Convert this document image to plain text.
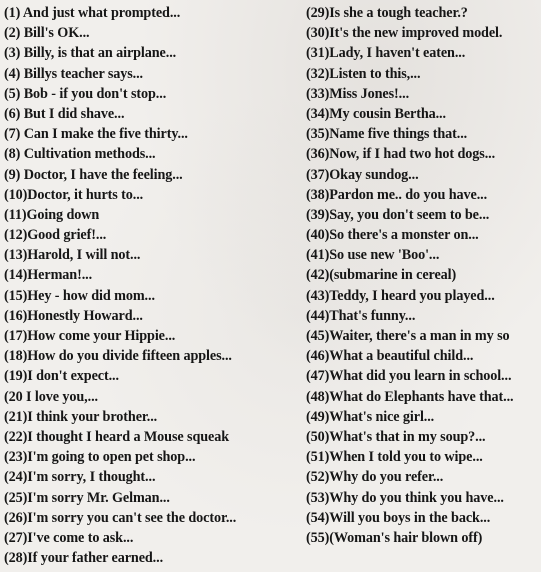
(1) And just what prompted...
(2) Bill's OK...
(3) Billy, is that an airplane...
(4) Billys teacher says...
(5) Bob - if you don't stop...
(6) But I did shave...
(7) Can I make the five thirty...
(8) Cultivation methods...
(9) Doctor, I have the feeling...
(10)Doctor, it hurts to...
(11)Going down
(12)Good grief!...
(13)Harold, I will not...
(14)Herman!...
(15)Hey - how did mom...
(16)Honestly Howard...
(17)How come your Hippie...
(18)How do you divide fifteen apples...
(19)I don't expect...
(20 I love you,...
(21)I think your brother...
(22)I thought I heard a Mouse squeak
(23)I'm going to open pet shop...
(24)I'm sorry, I thought...
(25)I'm sorry Mr. Gelman...
(26)I'm sorry you can't see the doctor...
(27)I've come to ask...
(28)If your father earned...
(29)Is she a tough teacher.?
(30)It's the new improved model.
(31)Lady, I haven't eaten...
(32)Listen to this,...
(33)Miss Jones!...
(34)My cousin Bertha...
(35)Name five things that...
(36)Now, if I had two hot dogs...
(37)Okay sundog...
(38)Pardon me.. do you have...
(39)Say, you don't seem to be...
(40)So there's a monster on...
(41)So use new 'Boo'...
(42)(submarine in cereal)
(43)Teddy, I heard you played...
(44)That's funny...
(45)Waiter, there's a man in my so
(46)What a beautiful child...
(47)What did you learn in school...
(48)What do Elephants have that...
(49)What's nice girl...
(50)What's that in my soup?...
(51)When I told you to wipe...
(52)Why do you refer...
(53)Why do you think you have...
(54)Will you boys in the back...
(55)(Woman's hair blown off)
